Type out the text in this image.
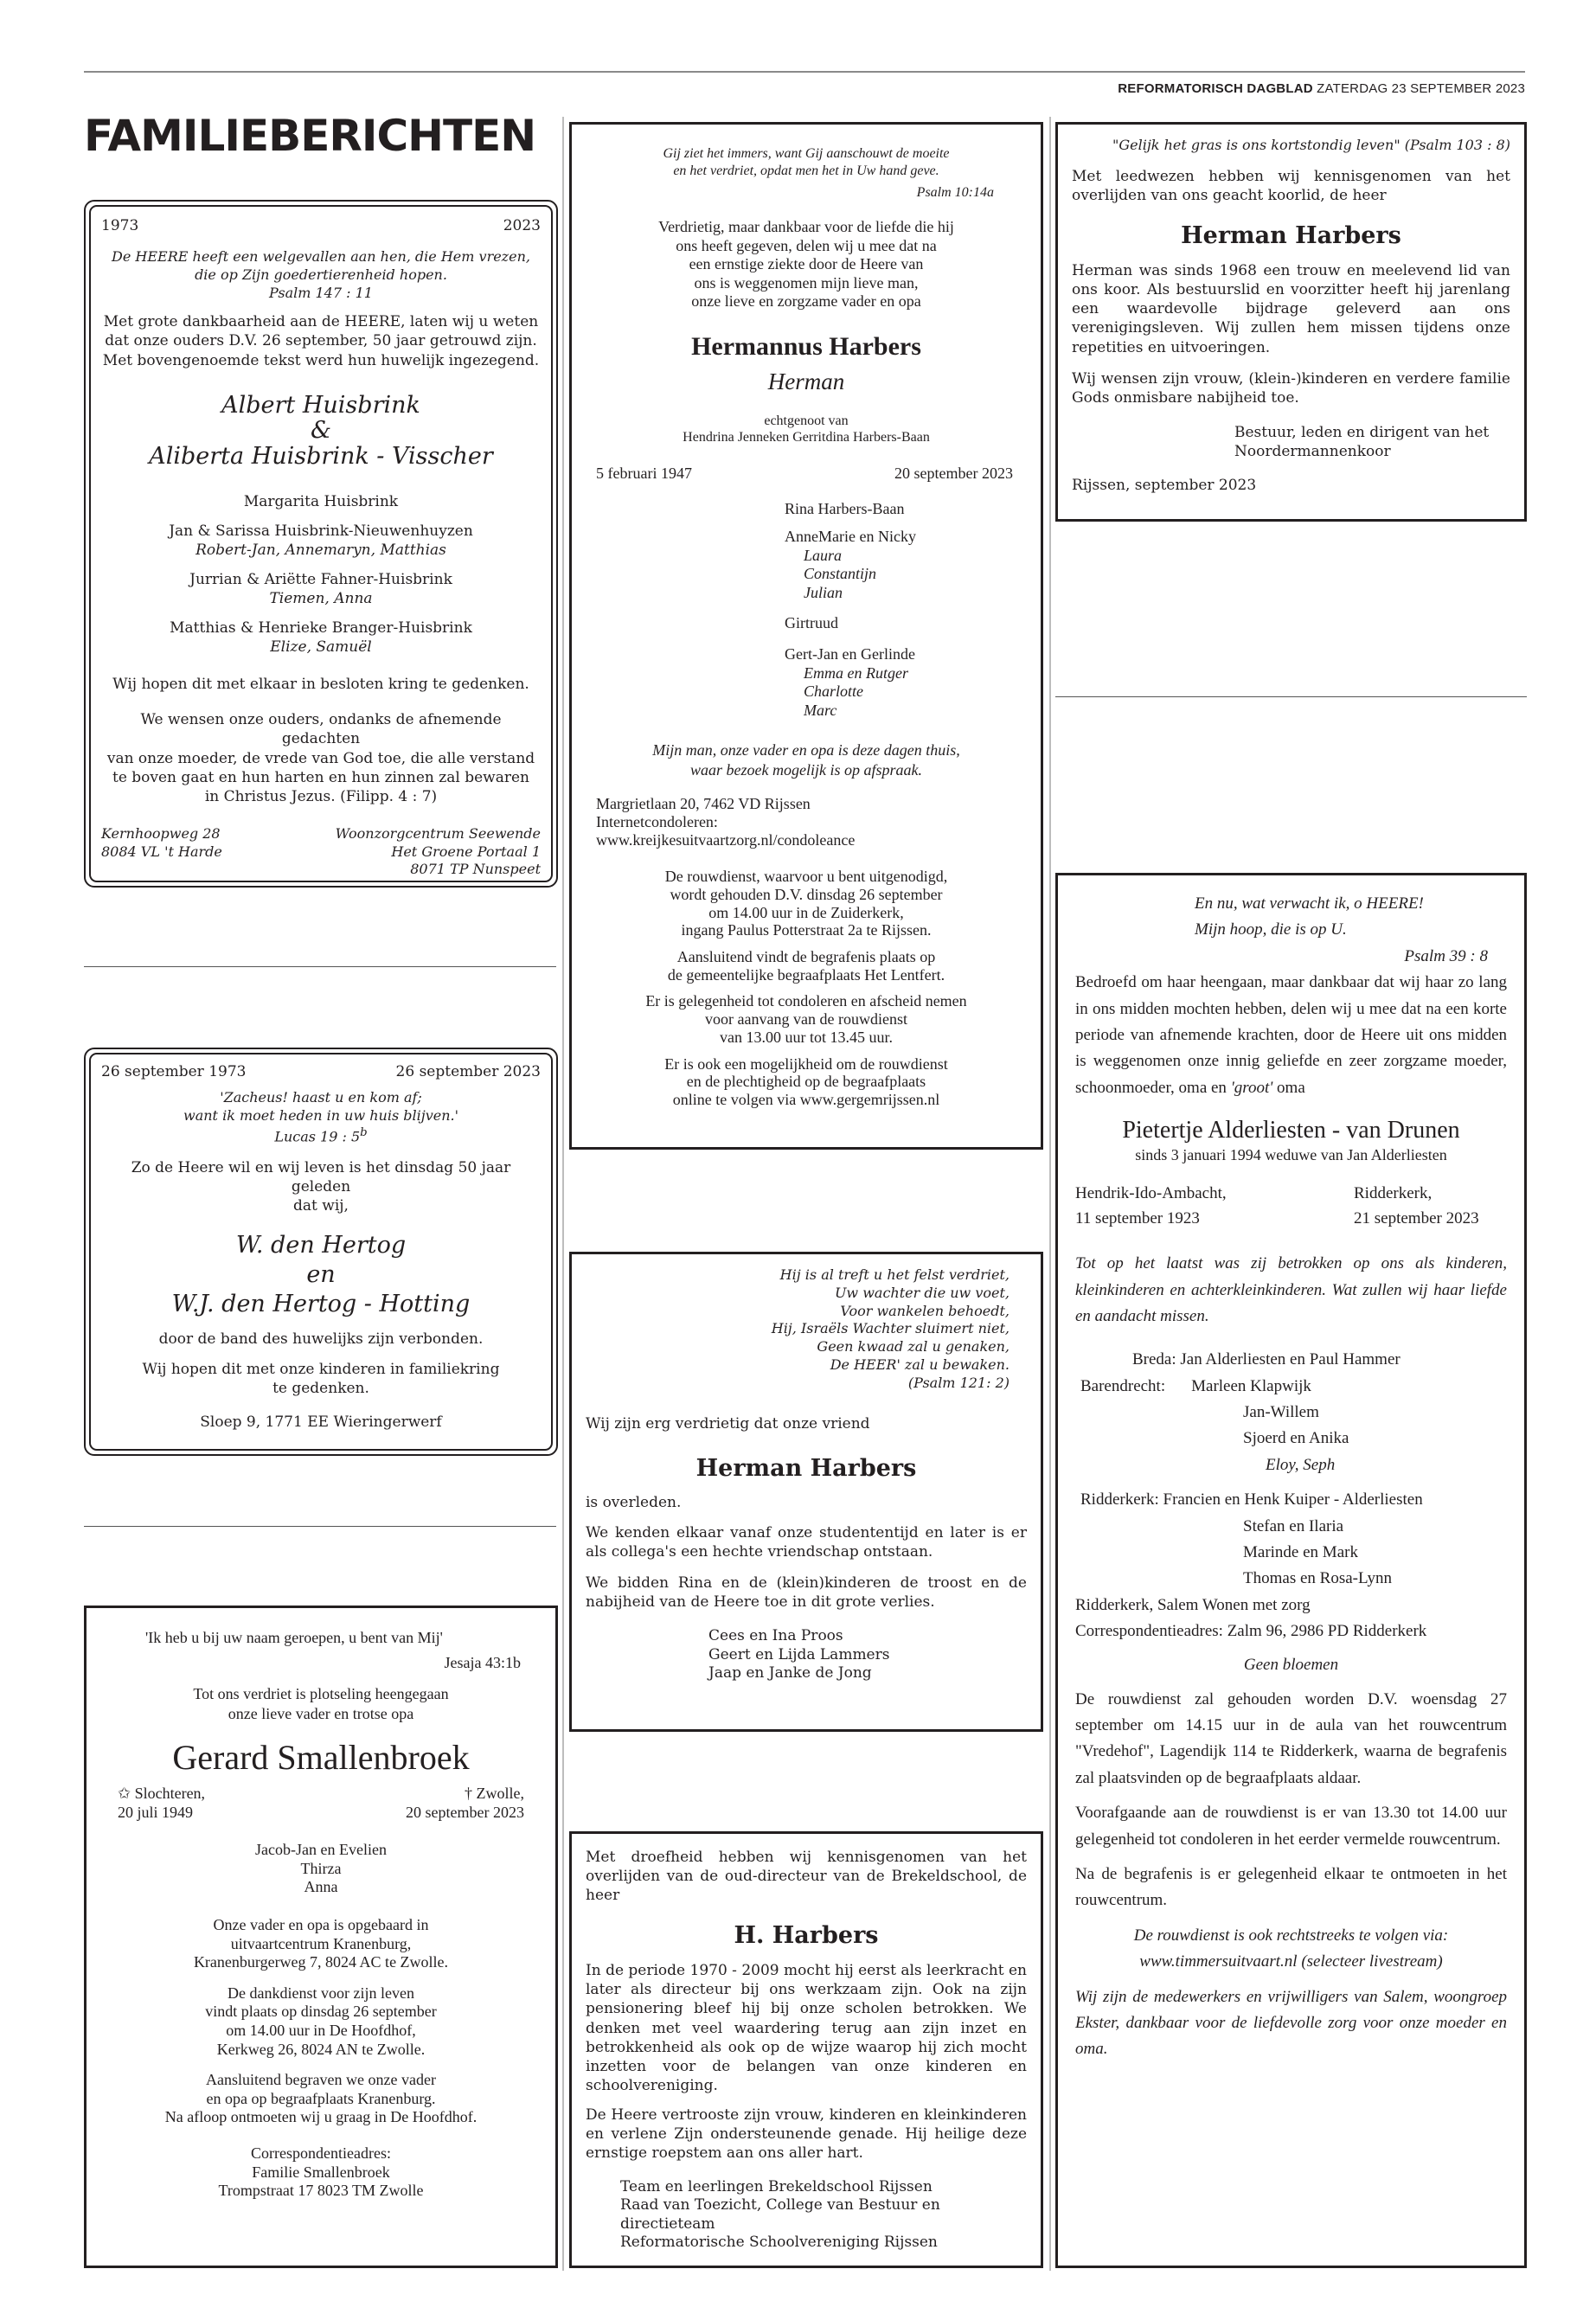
REFORMATORISCH DAGBLAD ZATERDAG 23 SEPTEMBER 2023
FAMILIEBERICHTEN
1973	2023
De HEERE heeft een welgevallen aan hen, die Hem vrezen,
die op Zijn goedertierenheid hopen.
Psalm 147 : 11
Met grote dankbaarheid aan de HEERE, laten wij u weten
dat onze ouders D.V. 26 september, 50 jaar getrouwd zijn.
Met bovengenoemde tekst werd hun huwelijk ingezegend.
Albert Huisbrink
&
Aliberta Huisbrink - Visscher
Margarita Huisbrink
Jan & Sarissa Huisbrink-Nieuwenhuyzen
Robert-Jan, Annemaryn, Matthias
Jurrian & Ariëtte Fahner-Huisbrink
Tiemen, Anna
Matthias & Henrieke Branger-Huisbrink
Elize, Samuël
Wij hopen dit met elkaar in besloten kring te gedenken.
We wensen onze ouders, ondanks de afnemende gedachten
van onze moeder, de vrede van God toe, die alle verstand
te boven gaat en hun harten en hun zinnen zal bewaren
in Christus Jezus. (Filipp. 4 : 7)
Kernhoopweg 28
8084 VL 't Harde
Woonzorgcentrum Seewende
Het Groene Portaal 1
8071 TP Nunspeet
26 september 1973	26 september 2023
'Zacheus! haast u en kom af;
want ik moet heden in uw huis blijven.'
Lucas 19 : 5$^b$
Zo de Heere wil en wij leven is het dinsdag 50 jaar geleden
dat wij,
W. den Hertog
en
W.J. den Hertog - Hotting
door de band des huwelijks zijn verbonden.
Wij hopen dit met onze kinderen in familiekring
te gedenken.
Sloep 9, 1771 EE Wieringerwerf
'Ik heb u bij uw naam geroepen, u bent van Mij'
Jesaja 43:1b
Tot ons verdriet is plotseling heengegaan
onze lieve vader en trotse opa
Gerard Smallenbroek
✩ Slochteren,
20 juli 1949
† Zwolle,
20 september 2023
Jacob-Jan en Evelien
Thirza
Anna
Onze vader en opa is opgebaard in
uitvaartcentrum Kranenburg,
Kranenburgerweg 7, 8024 AC te Zwolle.
De dankdienst voor zijn leven
vindt plaats op dinsdag 26 september
om 14.00 uur in De Hoofdhof,
Kerkweg 26, 8024 AN te Zwolle.
Aansluitend begraven we onze vader
en opa op begraafplaats Kranenburg.
Na afloop ontmoeten wij u graag in De Hoofdhof.
Correspondentieadres:
Familie Smallenbroek
Trompstraat 17 8023 TM Zwolle
Gij ziet het immers, want Gij aanschouwt de moeite
en het verdriet, opdat men het in Uw hand geve.
Psalm 10:14a
Verdrietig, maar dankbaar voor de liefde die hij
ons heeft gegeven, delen wij u mee dat na
een ernstige ziekte door de Heere van
ons is weggenomen mijn lieve man,
onze lieve en zorgzame vader en opa
Hermannus Harbers
Herman
echtgenoot van
Hendrina Jenneken Gerritdina Harbers-Baan
5 februari 1947	20 september 2023
Rina Harbers-Baan
AnneMarie en Nicky
Laura
Constantijn
Julian
Girtruud
Gert-Jan en Gerlinde
Emma en Rutger
Charlotte
Marc
Mijn man, onze vader en opa is deze dagen thuis,
waar bezoek mogelijk is op afspraak.
Margrietlaan 20, 7462 VD Rijssen
Internetcondoleren:
www.kreijkesuitvaartzorg.nl/condoleance
De rouwdienst, waarvoor u bent uitgenodigd,
wordt gehouden D.V. dinsdag 26 september
om 14.00 uur in de Zuiderkerk,
ingang Paulus Potterstraat 2a te Rijssen.
Aansluitend vindt de begrafenis plaats op
de gemeentelijke begraafplaats Het Lentfert.
Er is gelegenheid tot condoleren en afscheid nemen
voor aanvang van de rouwdienst
van 13.00 uur tot 13.45 uur.
Er is ook een mogelijkheid om de rouwdienst
en de plechtigheid op de begraafplaats
online te volgen via www.gergemrijssen.nl
Hij is al treft u het felst verdriet,
Uw wachter die uw voet,
Voor wankelen behoedt,
Hij, Israëls Wachter sluimert niet,
Geen kwaad zal u genaken,
De HEER' zal u bewaken.
(Psalm 121: 2)
Wij zijn erg verdrietig dat onze vriend
Herman Harbers
is overleden.
We kenden elkaar vanaf onze studententijd en later is er als collega's een hechte vriendschap ontstaan.
We bidden Rina en de (klein)kinderen de troost en de nabijheid van de Heere toe in dit grote verlies.
Cees en Ina Proos
Geert en Lijda Lammers
Jaap en Janke de Jong
Met droefheid hebben wij kennisgenomen van het overlijden van de oud-directeur van de Brekeldschool, de heer
H. Harbers
In de periode 1970 - 2009 mocht hij eerst als leerkracht en later als directeur bij ons werkzaam zijn. Ook na zijn pensionering bleef hij bij onze scholen betrokken. We denken met veel waardering terug aan zijn inzet en betrokkenheid als ook op de wijze waarop hij zich mocht inzetten voor de belangen van onze kinderen en schoolvereniging.
De Heere vertrooste zijn vrouw, kinderen en kleinkinderen en verlene Zijn ondersteunende genade. Hij heilige deze ernstige roepstem aan ons aller hart.
Team en leerlingen Brekeldschool Rijssen
Raad van Toezicht, College van Bestuur en directieteam
Reformatorische Schoolvereniging Rijssen
"Gelijk het gras is ons kortstondig leven" (Psalm 103 : 8)
Met leedwezen hebben wij kennisgenomen van het overlijden van ons geacht koorlid, de heer
Herman Harbers
Herman was sinds 1968 een trouw en meelevend lid van ons koor. Als bestuurslid en voorzitter heeft hij jarenlang een waardevolle bijdrage geleverd aan ons verenigingsleven. Wij zullen hem missen tijdens onze repetities en uitvoeringen.
Wij wensen zijn vrouw, (klein-)kinderen en verdere familie Gods onmisbare nabijheid toe.
Bestuur, leden en dirigent van het
Noordermannenkoor
Rijssen, september 2023
En nu, wat verwacht ik, o HEERE!
Mijn hoop, die is op U.
Psalm 39 : 8
Bedroefd om haar heengaan, maar dankbaar dat wij haar zo lang in ons midden mochten hebben, delen wij u mee dat na een korte periode van afnemende krachten, door de Heere uit ons midden is weggenomen onze innig geliefde en zeer zorgzame moeder, schoonmoeder, oma en 'groot' oma
Pietertje Alderliesten - van Drunen
sinds 3 januari 1994 weduwe van Jan Alderliesten
Hendrik-Ido-Ambacht,
11 september 1923
Ridderkerk,
21 september 2023
Tot op het laatst was zij betrokken op ons als kinderen, kleinkinderen en achterkleinkinderen. Wat zullen wij haar liefde en aandacht missen.
Breda: Jan Alderliesten en Paul Hammer
Barendrecht: Marleen Klapwijk
Jan-Willem
Sjoerd en Anika
Eloy, Seph
Ridderkerk: Francien en Henk Kuiper - Alderliesten
Stefan en Ilaria
Marinde en Mark
Thomas en Rosa-Lynn
Ridderkerk, Salem Wonen met zorg
Correspondentieadres: Zalm 96, 2986 PD Ridderkerk
Geen bloemen
De rouwdienst zal gehouden worden D.V. woensdag 27 september om 14.15 uur in de aula van het rouwcentrum "Vredehof", Lagendijk 114 te Ridderkerk, waarna de begrafenis zal plaatsvinden op de begraafplaats aldaar.
Voorafgaande aan de rouwdienst is er van 13.30 tot 14.00 uur gelegenheid tot condoleren in het eerder vermelde rouwcentrum.
Na de begrafenis is er gelegenheid elkaar te ontmoeten in het rouwcentrum.
De rouwdienst is ook rechtstreeks te volgen via:
www.timmersuitvaart.nl (selecteer livestream)
Wij zijn de medewerkers en vrijwilligers van Salem, woongroep Ekster, dankbaar voor de liefdevolle zorg voor onze moeder en oma.
